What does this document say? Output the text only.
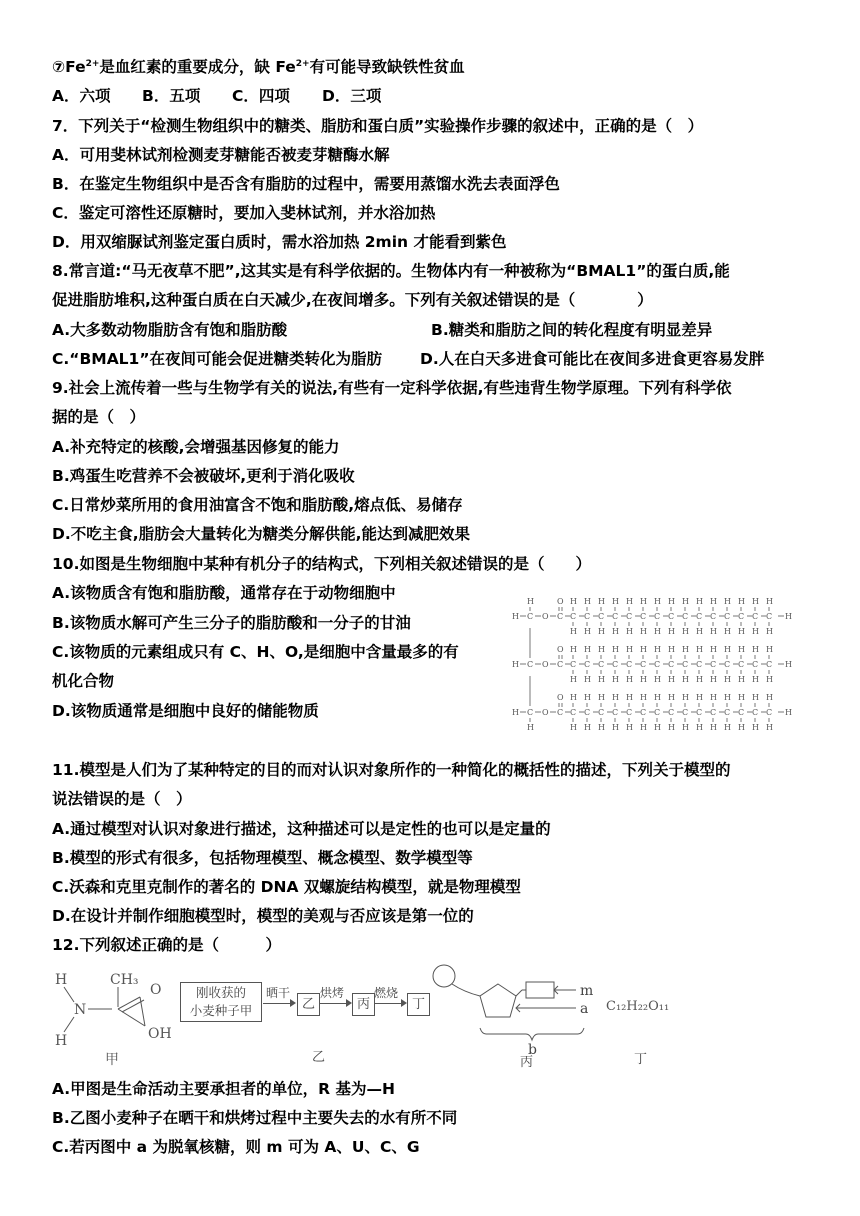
$⑦Fe^{2+}$是血红素的重要成分，缺 $Fe^{2+}$有可能导致缺铁性贫血
A．六项 B．五项 C．四项 D．三项
7．下列关于“检测生物组织中的糖类、脂肪和蛋白质”实验操作步骤的叙述中，正确的是（　）
A．可用斐林试剂检测麦芽糖能否被麦芽糖酶水解
B．在鉴定生物组织中是否含有脂肪的过程中，需要用蒸馏水洗去表面浮色
C．鉴定可溶性还原糖时，要加入斐林试剂，并水浴加热
D．用双缩脲试剂鉴定蛋白质时，需水浴加热 2min 才能看到紫色
8.常言道:“马无夜草不肥”,这其实是有科学依据的。生物体内有一种被称为“BMAL1”的蛋白质,能
促进脂肪堆积,这种蛋白质在白天减少,在夜间增多。下列有关叙述错误的是（　　　　）
A.大多数动物脂肪含有饱和脂肪酸	B.糖类和脂肪之间的转化程度有明显差异
C.“BMAL1”在夜间可能会促进糖类转化为脂肪 D.人在白天多进食可能比在夜间多进食更容易发胖
9.社会上流传着一些与生物学有关的说法,有些有一定科学依据,有些违背生物学原理。下列有科学依
据的是（　）
A.补充特定的核酸,会增强基因修复的能力
B.鸡蛋生吃营养不会被破坏,更利于消化吸收
C.日常炒菜所用的食用油富含不饱和脂肪酸,熔点低、易储存
D.不吃主食,脂肪会大量转化为糖类分解供能,能达到减肥效果
10.如图是生物细胞中某种有机分子的结构式，下列相关叙述错误的是（　　）
A.该物质含有饱和脂肪酸，通常存在于动物细胞中
B.该物质水解可产生三分子的脂肪酸和一分子的甘油
C.该物质的元素组成只有 C、H、O,是细胞中含量最多的有
机化合物
D.该物质通常是细胞中良好的储能物质
H C O C
O
H
C
H
H
C
H
H
C
H
H
C
H
H
C
H
H
C
H
H
C
H
H
C
H
H
C
H
H
C
H
H
C
H
H
C
H
H
C
H
H
C
H
H
C
H
H
H
H C O C
O
C
H
H
C
H
H
C
H
H
C
H
H
C
H
H
C
H
H
C
H
H
C
H
H
C
H
H
C
H
H
C
H
H
C
H
H
C
H
H
C
H
H
C
H
H
H
H C O C
O
H
C
H
H
C
H
H
C
H
H
C
H
H
C
H
H
C
H
H
C
H
H
C
H
H
C
H
H
C
H
H
C
H
H
C
H
H
C
H
H
C
H
H
C
H
H
H
11.模型是人们为了某种特定的目的而对认识对象所作的一种简化的概括性的描述，下列关于模型的
说法错误的是（　）
A.通过模型对认识对象进行描述，这种描述可以是定性的也可以是定量的
B.模型的形式有很多，包括物理模型、概念模型、数学模型等
C.沃森和克里克制作的著名的 DNA 双螺旋结构模型，就是物理模型
D.在设计并制作细胞模型时，模型的美观与否应该是第一位的
12.下列叙述正确的是（　　　）
H
N
H
CH₃
O
OH
甲
刚收获的
小麦种子甲
晒干
乙
烘烤
丙
燃烧
丁
乙
m
a
b
丙
C₁₂H₂₂O₁₁
丁
A.甲图是生命活动主要承担者的单位，R 基为—H
B.乙图小麦种子在晒干和烘烤过程中主要失去的水有所不同
C.若丙图中 a 为脱氧核糖，则 m 可为 A、U、C、G
